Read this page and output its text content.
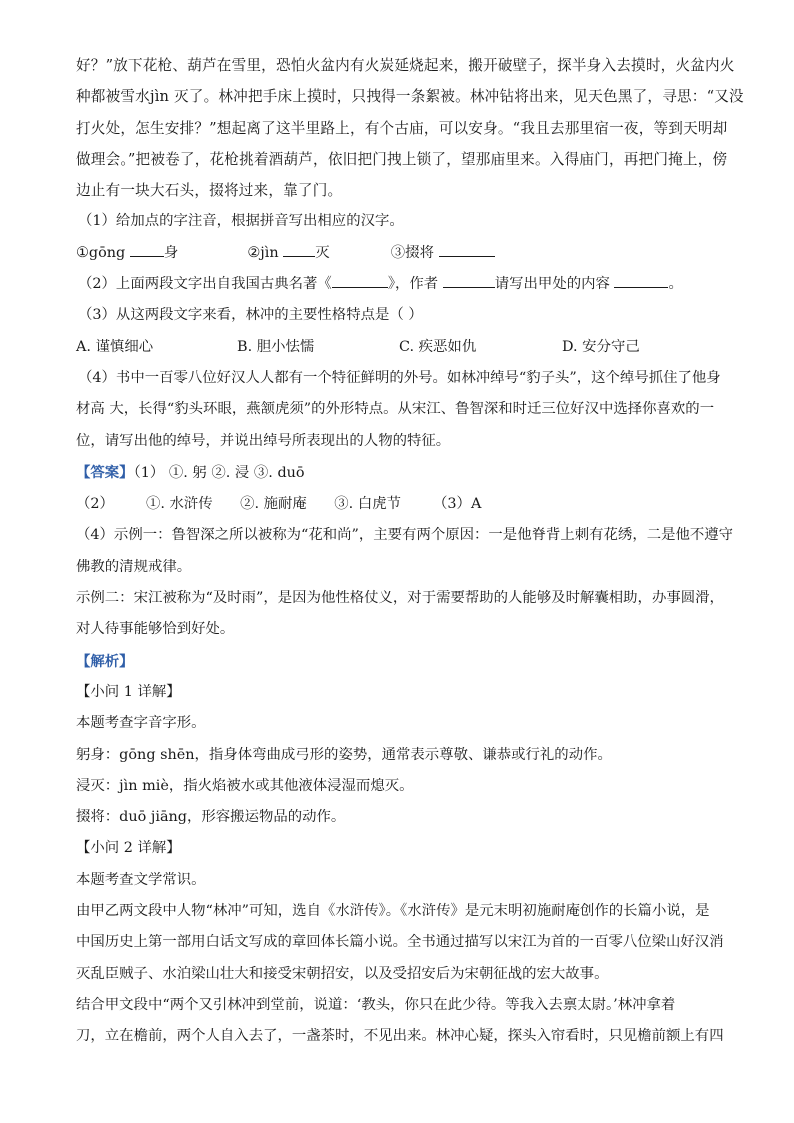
好？”放下花枪、葫芦在雪里，恐怕火盆内有火炭延烧起来，搬开破壁子，探半身入去摸时，火盆内火
种都被雪水jìn 灭了。林冲把手床上摸时，只拽得一条絮被。林冲钻将出来，见天色黑了，寻思：“又没
打火处，怎生安排？”想起离了这半里路上，有个古庙，可以安身。“我且去那里宿一夜，等到天明却
做理会。”把被卷了，花枪挑着酒葫芦，依旧把门拽上锁了，望那庙里来。入得庙门，再把门掩上，傍
边止有一块大石头，掇将过来，靠了门。
（1）给加点的字注音，根据拼音写出相应的汉字。
①gōng 身	②jìn 灭	③掇将
（2）上面两段文字出自我国古典名著《	》，作者	请写出甲处的内容	。
（3）从这两段文字来看，林冲的主要性格特点是（ ）
A. 谨慎细心	B. 胆小怯懦	C. 疾恶如仇	D. 安分守己
（4）书中一百零八位好汉人人都有一个特征鲜明的外号。如林冲绰号“豹子头”，这个绰号抓住了他身
材高 大，长得“豹头环眼，燕颔虎须”的外形特点。从宋江、鲁智深和时迁三位好汉中选择你喜欢的一
位，请写出他的绰号，并说出绰号所表现出的人物的特征。
【答案】（1） ①. 躬 ②. 浸 ③. duō
（2）       ①. 水浒传      ②. 施耐庵      ③. 白虎节       （3）A
（4）示例一：鲁智深之所以被称为“花和尚”，主要有两个原因：一是他脊背上刺有花绣，二是他不遵守
佛教的清规戒律。
示例二：宋江被称为“及时雨”，是因为他性格仗义，对于需要帮助的人能够及时解囊相助，办事圆滑，
对人待事能够恰到好处。
【解析】
【小问 1 详解】
本题考查字音字形。
躬身：gōng shēn，指身体弯曲成弓形的姿势，通常表示尊敬、谦恭或行礼的动作。
浸灭：jìn miè，指火焰被水或其他液体浸湿而熄灭。
掇将：duō jiāng，形容搬运物品的动作。
【小问 2 详解】
本题考查文学常识。
由甲乙两文段中人物“林冲”可知，选自《水浒传》。《水浒传》是元末明初施耐庵创作的长篇小说，是
中国历史上第一部用白话文写成的章回体长篇小说。全书通过描写以宋江为首的一百零八位梁山好汉消
灭乱臣贼子、水泊梁山壮大和接受宋朝招安，以及受招安后为宋朝征战的宏大故事。
结合甲文段中“两个又引林冲到堂前，说道：‘教头，你只在此少待。等我入去禀太尉。’林冲拿着
刀，立在檐前，两个人自入去了，一盏茶时，不见出来。林冲心疑，探头入帘看时，只见檐前额上有四
